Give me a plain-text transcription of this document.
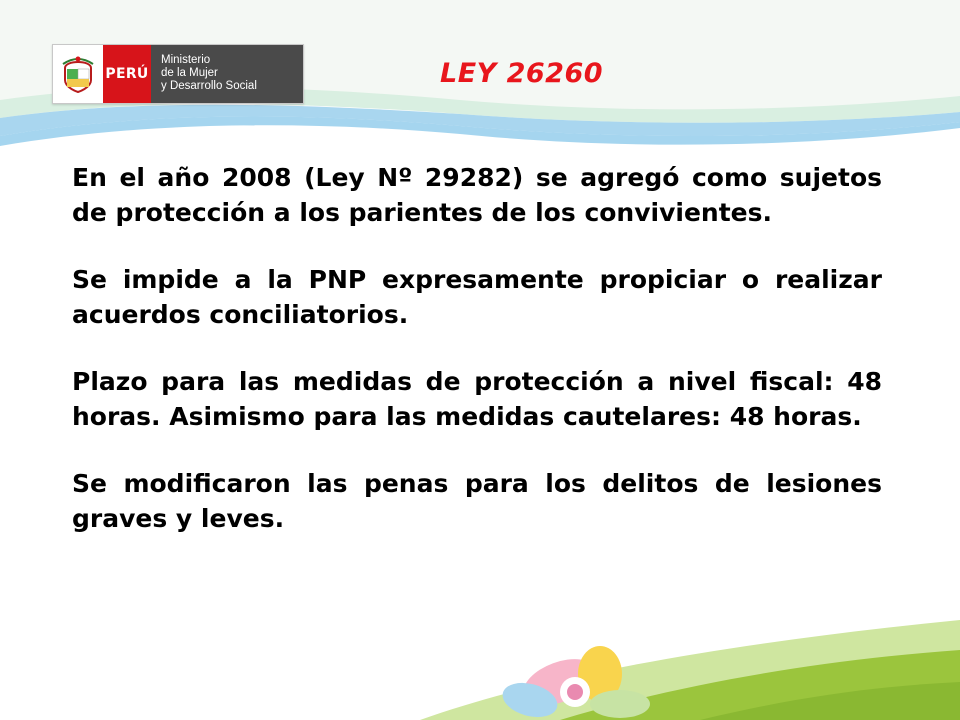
PERÚ
Ministerio
de la Mujer
y Desarrollo Social	LEY 26260

En el año 2008 (Ley Nº 29282) se agregó como sujetos de protección a los parientes de los convivientes.

Se impide a la PNP expresamente propiciar o realizar acuerdos conciliatorios.

Plazo para las medidas de protección a nivel fiscal: 48 horas. Asimismo para las medidas cautelares: 48 horas.

Se modificaron las penas para los delitos de lesiones graves y leves.
